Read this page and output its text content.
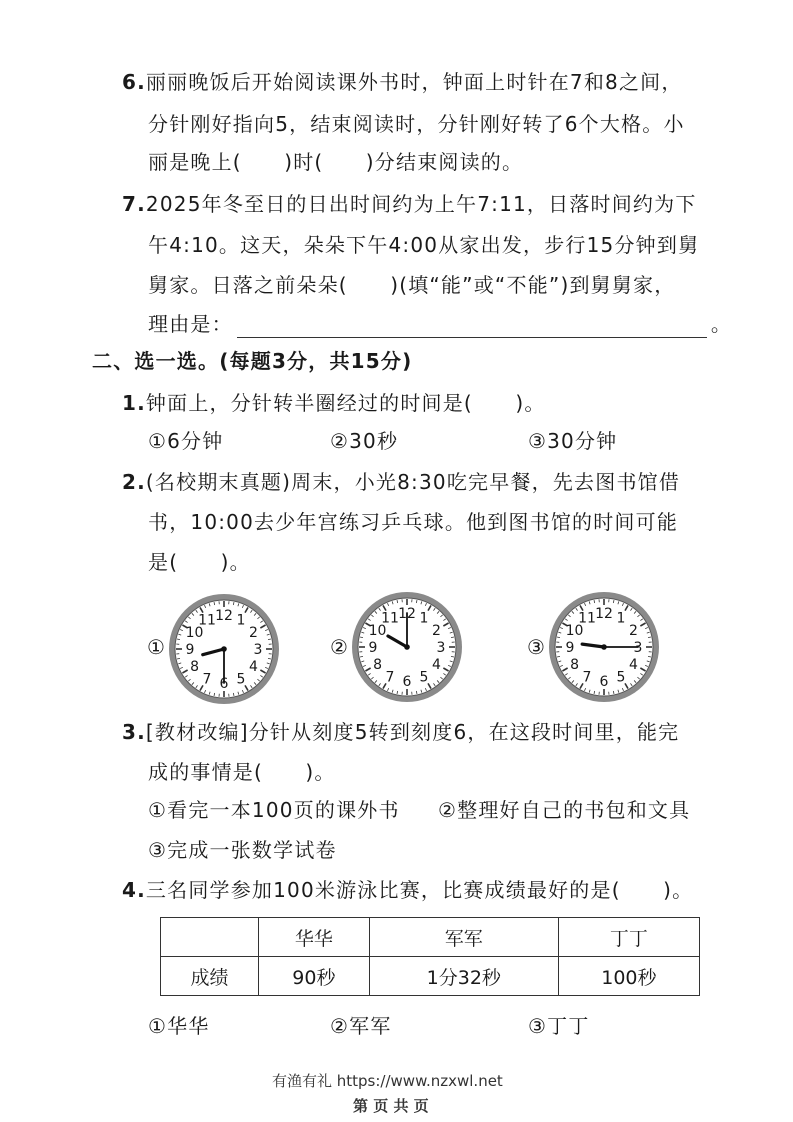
6.丽丽晚饭后开始阅读课外书时，钟面上时针在7和8之间，
分针刚好指向5，结束阅读时，分针刚好转了6个大格。小
丽是晚上(　　)时(　　)分结束阅读的。
7.2025年冬至日的日出时间约为上午7:11，日落时间约为下
午4:10。这天，朵朵下午4:00从家出发，步行15分钟到舅
舅家。日落之前朵朵(　　)(填“能”或“不能”)到舅舅家，
理由是：	。
二、选一选。(每题3分，共15分)
1.钟面上，分针转半圈经过的时间是(　　)。
①6分钟	②30秒	③30分钟
2.(名校期末真题)周末，小光8:30吃完早餐，先去图书馆借
书，10:00去少年宫练习乒乓球。他到图书馆的时间可能
是(　　)。
①
12 1
2
3
4
5
6
7
8
9
10
11
②
12 1
2
3
4
5
6
7
8
9
10
11
③
12 1
2
3
4
5
6
7
8
9
10
11
3.[教材改编]分针从刻度5转到刻度6，在这段时间里，能完
成的事情是(　　)。
①看完一本100页的课外书 ②整理好自己的书包和文具
③完成一张数学试卷
4.三名同学参加100米游泳比赛，比赛成绩最好的是(　　)。
	华华	军军	丁丁
成绩	90秒	1分32秒	100秒
①华华	②军军	③丁丁
有渔有礼 https://www.nzxwl.net
第 页 共 页
